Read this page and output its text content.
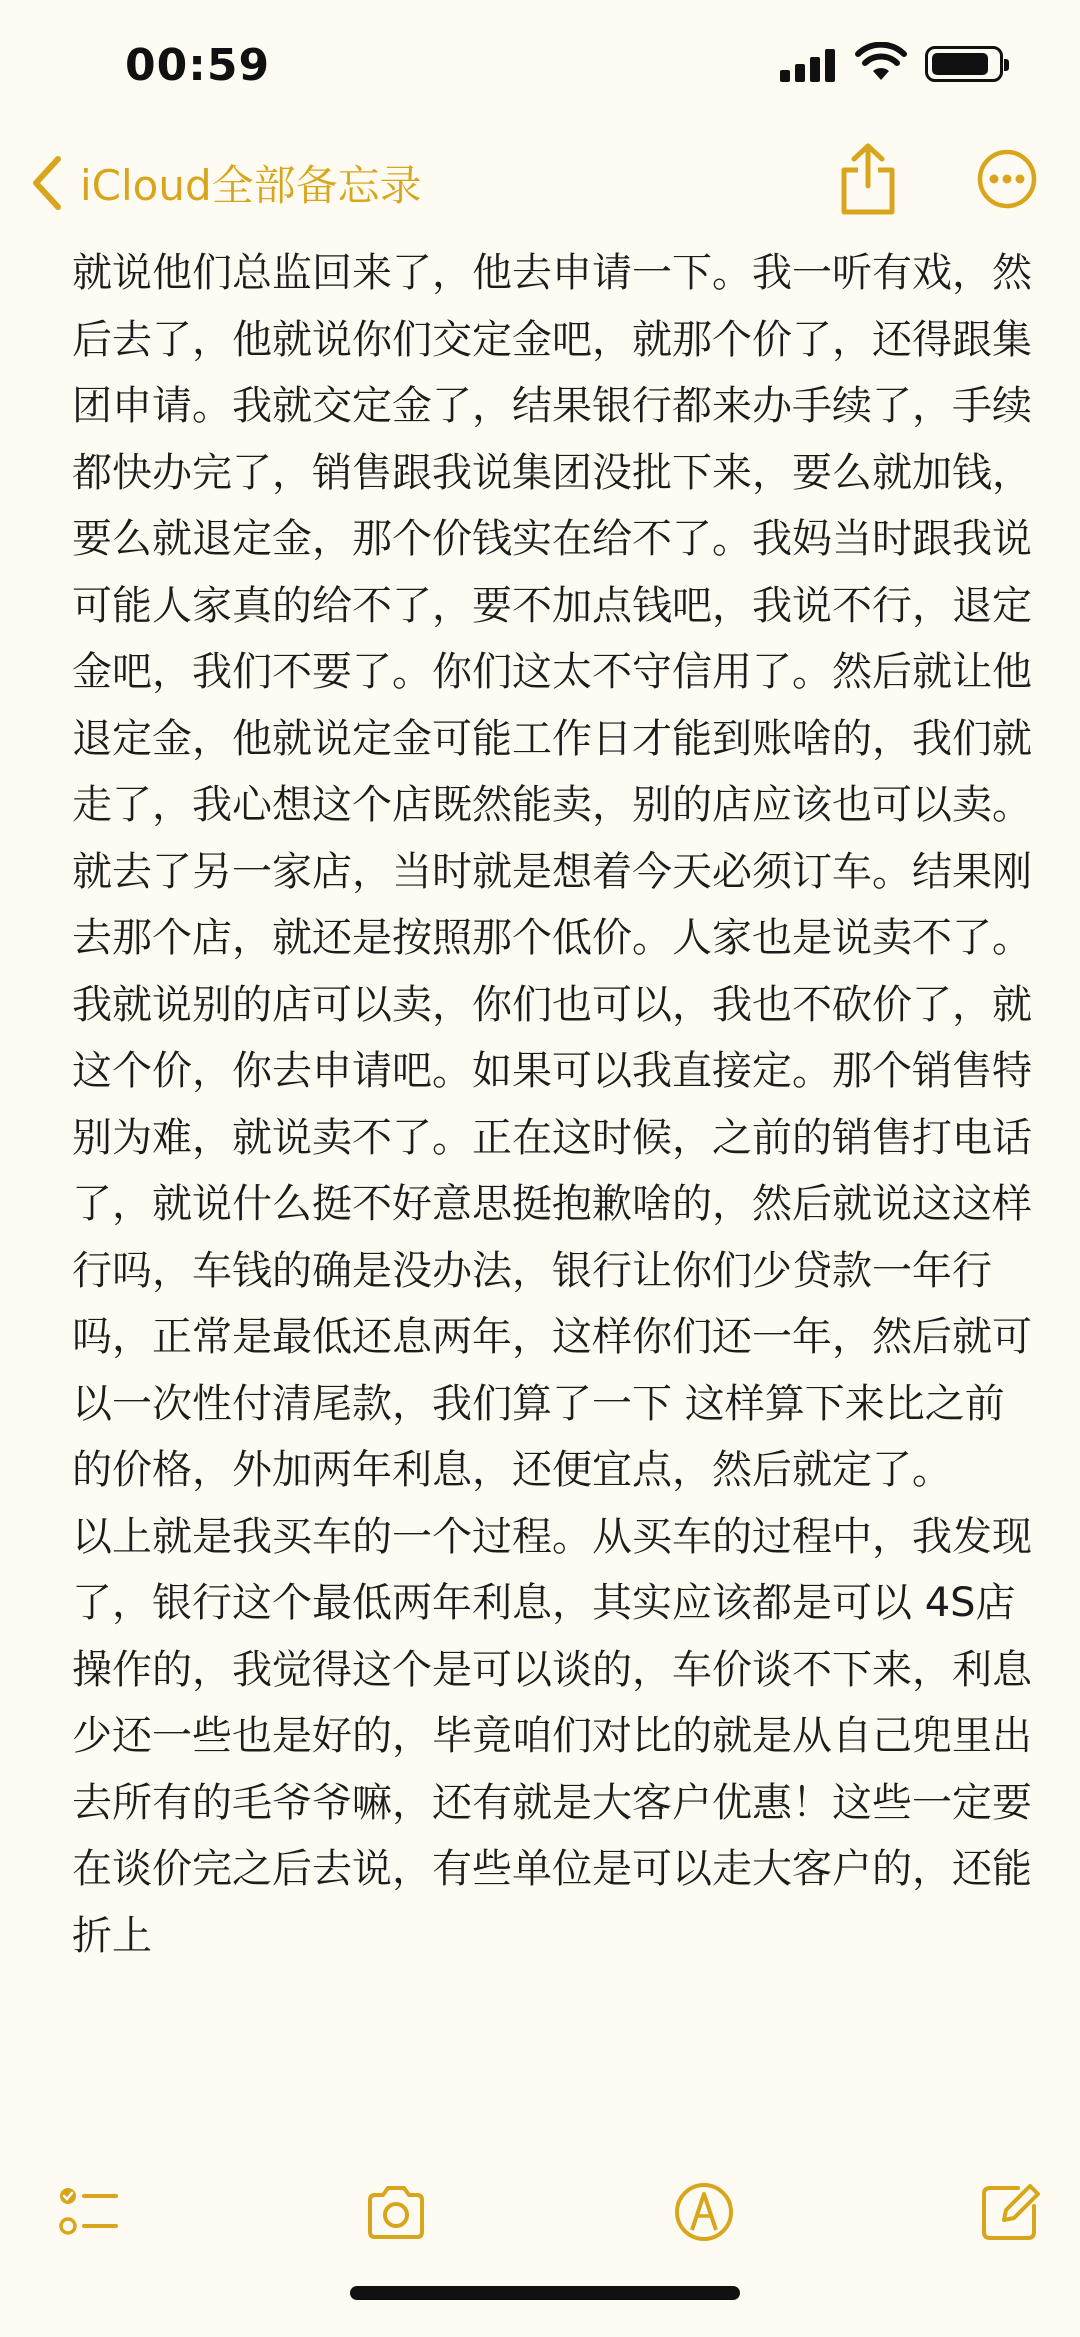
00:59
iCloud全部备忘录
就说他们总监回来了，他去申请一下。我一听有戏，然后去了，他就说你们交定金吧，就那个价了，还得跟集团申请。我就交定金了，结果银行都来办手续了，手续都快办完了，销售跟我说集团没批下来，要么就加钱，要么就退定金，那个价钱实在给不了。我妈当时跟我说可能人家真的给不了，要不加点钱吧，我说不行，退定金吧，我们不要了。你们这太不守信用了。然后就让他退定金，他就说定金可能工作日才能到账啥的，我们就走了，我心想这个店既然能卖，别的店应该也可以卖。就去了另一家店，当时就是想着今天必须订车。结果刚去那个店，就还是按照那个低价。人家也是说卖不了。我就说别的店可以卖，你们也可以，我也不砍价了，就这个价，你去申请吧。如果可以我直接定。那个销售特别为难，就说卖不了。正在这时候，之前的销售打电话了，就说什么挺不好意思挺抱歉啥的，然后就说这这样行吗，车钱的确是没办法，银行让你们少贷款一年行吗，正常是最低还息两年，这样你们还一年，然后就可以一次性付清尾款，我们算了一下 这样算下来比之前的价格，外加两年利息，还便宜点，然后就定了。
以上就是我买车的一个过程。从买车的过程中，我发现了，银行这个最低两年利息，其实应该都是可以 4S店操作的，我觉得这个是可以谈的，车价谈不下来，利息少还一些也是好的，毕竟咱们对比的就是从自己兜里出去所有的毛爷爷嘛，还有就是大客户优惠！这些一定要在谈价完之后去说，有些单位是可以走大客户的，还能折上
